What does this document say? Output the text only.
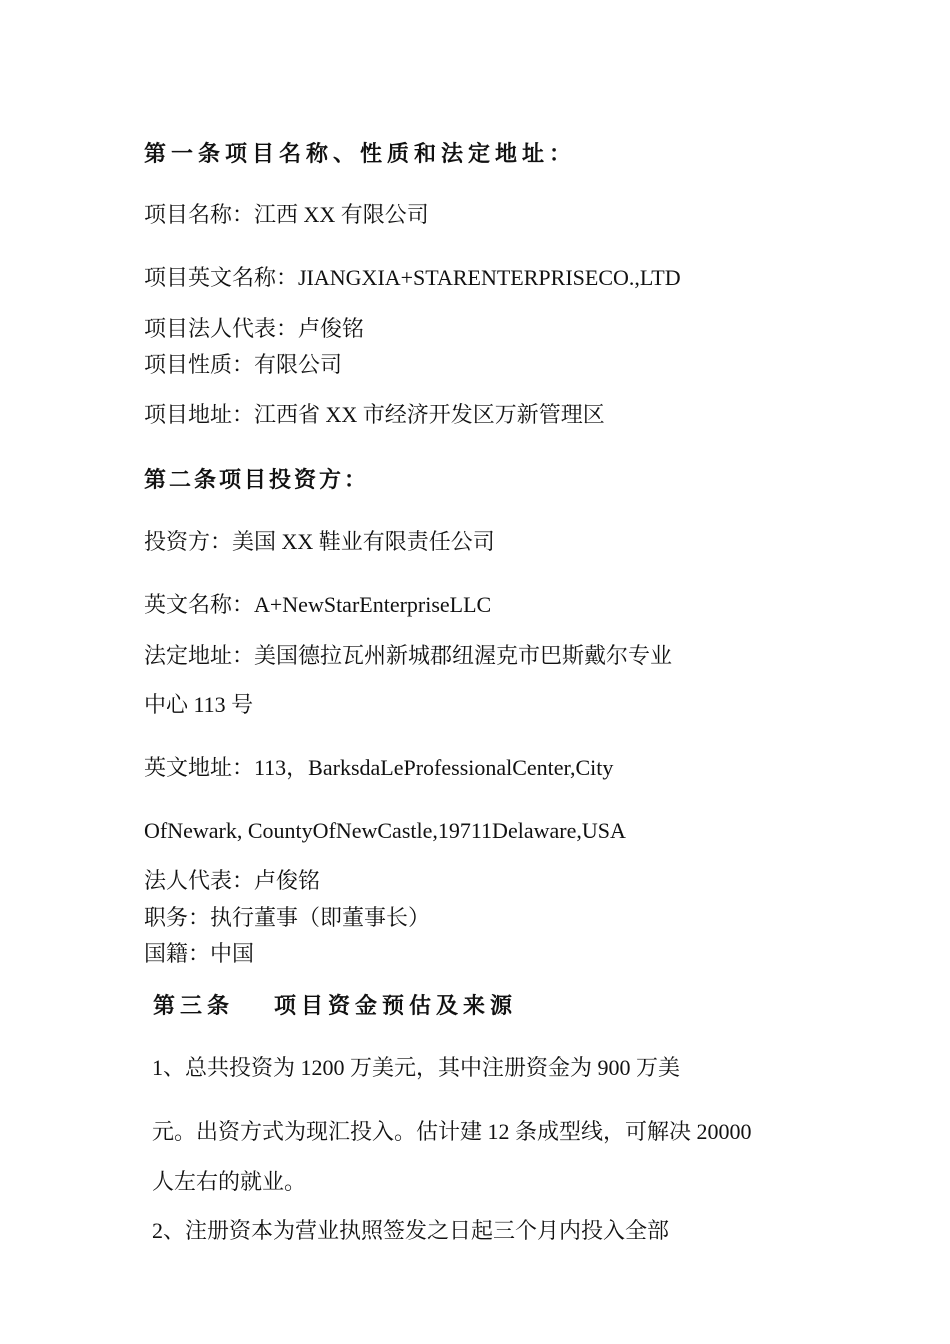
第一条项目名称、性质和法定地址：
项目名称：江西 XX 有限公司
项目英文名称：JIANGXIA+STARENTERPRISECO.,LTD
项目法人代表：卢俊铭
项目性质：有限公司
项目地址：江西省 XX 市经济开发区万新管理区
第二条项目投资方：
投资方：美国 XX 鞋业有限责任公司
英文名称：A+NewStarEnterpriseLLC
法定地址：美国德拉瓦州新城郡纽渥克市巴斯戴尔专业
中心 113 号
英文地址：113，BarksdaLeProfessionalCenter,City
OfNewark, CountyOfNewCastle,19711Delaware,USA
法人代表：卢俊铭
职务：执行董事（即董事长）
国籍：中国
第三条 项目资金预估及来源
1、总共投资为 1200 万美元，其中注册资金为 900 万美
元。出资方式为现汇投入。估计建 12 条成型线，可解决 20000
人左右的就业。
2、注册资本为营业执照签发之日起三个月内投入全部
